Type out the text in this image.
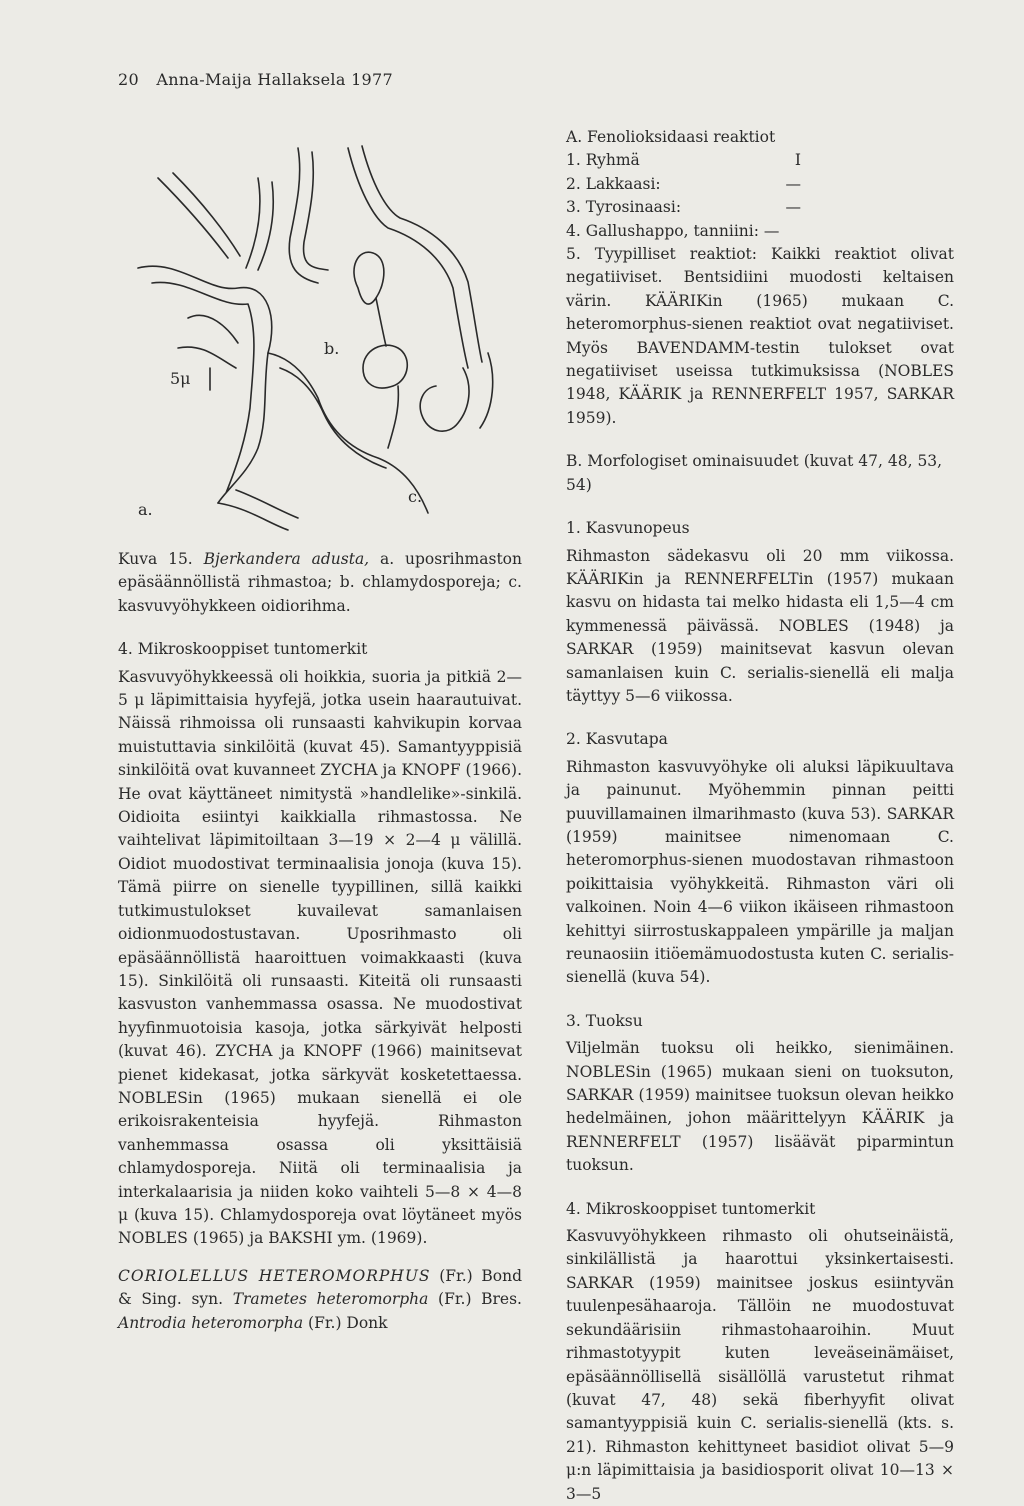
20 Anna-Maija Hallaksela 1977
a.
b.
c.
5μ

Kuva 15. Bjerkandera adusta, a. uposrihmaston epäsäännöllistä rihmastoa; b. chlamydosporeja; c. kasvuvyöhykkeen oidiorihma.

4. Mikroskooppiset tuntomerkit

Kasvuvyöhykkeessä oli hoikkia, suoria ja pitkiä 2—5 μ läpimittaisia hyyfejä, jotka usein haarautuivat. Näissä rihmoissa oli runsaasti kahvikupin korvaa muistuttavia sinkilöitä (kuvat 45). Samantyyppisiä sinkilöitä ovat kuvanneet ZYCHA ja KNOPF (1966). He ovat käyttäneet nimitystä »handlelike»-sinkilä. Oidioita esiintyi kaikkialla rihmastossa. Ne vaihtelivat läpimitoiltaan 3—19 × 2—4 μ välillä. Oidiot muodostivat terminaalisia jonoja (kuva 15). Tämä piirre on sienelle tyypillinen, sillä kaikki tutkimustulokset kuvailevat samanlaisen oidionmuodostustavan. Uposrihmasto oli epäsäännöllistä haaroittuen voimakkaasti (kuva 15). Sinkilöitä oli runsaasti. Kiteitä oli runsaasti kasvuston vanhemmassa osassa. Ne muodostivat hyyfinmuotoisia kasoja, jotka särkyivät helposti (kuvat 46). ZYCHA ja KNOPF (1966) mainitsevat pienet kidekasat, jotka särkyvät kosketettaessa. NOBLESin (1965) mukaan sienellä ei ole erikoisrakenteisia hyyfejä. Rihmaston vanhemmassa osassa oli yksittäisiä chlamydosporeja. Niitä oli terminaalisia ja interkalaarisia ja niiden koko vaihteli 5—8 × 4—8 μ (kuva 15). Chlamydosporeja ovat löytäneet myös NOBLES (1965) ja BAKSHI ym. (1969).

CORIOLELLUS HETEROMORPHUS (Fr.) Bond & Sing. syn. Trametes heteromorpha (Fr.) Bres. Antrodia heteromorpha (Fr.) Donk

A. Fenolioksidaasi reaktiot
1. Ryhmä	I
2. Lakkaasi:	—
3. Tyrosinaasi:	—
4. Gallushappo, tanniini: —

5. Tyypilliset reaktiot: Kaikki reaktiot olivat negatiiviset. Bentsidiini muodosti keltaisen värin. KÄÄRIKin (1965) mukaan C. heteromorphus-sienen reaktiot ovat negatiiviset. Myös BAVENDAMM-testin tulokset ovat negatiiviset useissa tutkimuksissa (NOBLES 1948, KÄÄRIK ja RENNERFELT 1957, SARKAR 1959).

B. Morfologiset ominaisuudet (kuvat 47, 48, 53, 54)
1. Kasvunopeus

Rihmaston sädekasvu oli 20 mm viikossa. KÄÄRIKin ja RENNERFELTin (1957) mukaan kasvu on hidasta tai melko hidasta eli 1,5—4 cm kymmenessä päivässä. NOBLES (1948) ja SARKAR (1959) mainitsevat kasvun olevan samanlaisen kuin C. serialis-sienellä eli malja täyttyy 5—6 viikossa.

2. Kasvutapa

Rihmaston kasvuvyöhyke oli aluksi läpikuultava ja painunut. Myöhemmin pinnan peitti puuvillamainen ilmarihmasto (kuva 53). SARKAR (1959) mainitsee nimenomaan C. heteromorphus-sienen muodostavan rihmastoon poikittaisia vyöhykkeitä. Rihmaston väri oli valkoinen. Noin 4—6 viikon ikäiseen rihmastoon kehittyi siirrostuskappaleen ympärille ja maljan reunaosiin itiöemämuodostusta kuten C. serialis-sienellä (kuva 54).

3. Tuoksu

Viljelmän tuoksu oli heikko, sienimäinen. NOBLESin (1965) mukaan sieni on tuoksuton, SARKAR (1959) mainitsee tuoksun olevan heikko hedelmäinen, johon määrittelyyn KÄÄRIK ja RENNERFELT (1957) lisäävät piparmintun tuoksun.

4. Mikroskooppiset tuntomerkit

Kasvuvyöhykkeen rihmasto oli ohutseinäistä, sinkilällistä ja haarottui yksinkertaisesti. SARKAR (1959) mainitsee joskus esiintyvän tuulenpesähaaroja. Tällöin ne muodostuvat sekundäärisiin rihmastohaaroihin. Muut rihmastotyypit kuten leveäseinämäiset, epäsäännöllisellä sisällöllä varustetut rihmat (kuvat 47, 48) sekä fiberhyyfit olivat samantyyppisiä kuin C. serialis-sienellä (kts. s. 21). Rihmaston kehittyneet basidiot olivat 5—9 μ:n läpimittaisia ja basidiosporit olivat 10—13 × 3—5
